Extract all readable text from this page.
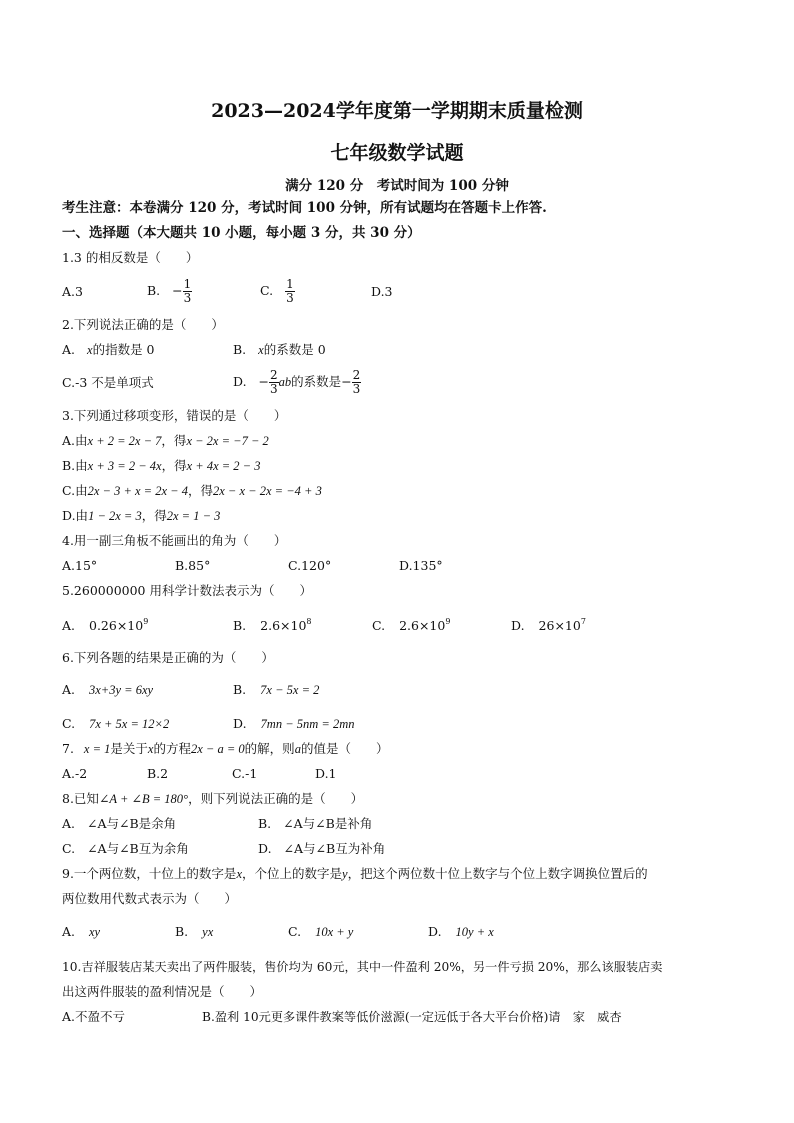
2023—2024学年度第一学期期末质量检测
七年级数学试题
满分 120 分　考试时间为 100 分钟
考生注意：本卷满分 120 分，考试时间 100 分钟，所有试题均在答题卡上作答.
一、选择题（本大题共 10 小题，每小题 3 分，共 30 分）
1.3 的相反数是（　　）
A.3	B. − $\frac{1}{3}$	C. $\frac{1}{3}$	D.3
2.下列说法正确的是（　　）
A. x的指数是 0	B. x的系数是 0
C.-3 不是单项式	D. − $\frac{2}{3}$ ab的系数是− $\frac{2}{3}$
3.下列通过移项变形，错误的是（　　）
A.由x + 2 = 2x − 7，得x − 2x = −7 − 2
B.由x + 3 = 2 − 4x，得x + 4x = 2 − 3
C.由2x − 3 + x = 2x − 4，得2x − x − 2x = −4 + 3
D.由1 − 2x = 3，得2x = 1 − 3
4.用一副三角板不能画出的角为（　　）
A.15°	B.85°	C.120°	D.135°
5.260000000 用科学计数法表示为（　　）
A. $0.26\times 10^9$	B. $2.6\times 10^8$	C. $2.6\times 10^9$	D. $26\times 10^7$
6.下列各题的结果是正确的为（　　）
A. 3x+3y = 6xy	B. 7x − 5x = 2
C. 7x + 5x = 12×2	D. 7mn − 5nm = 2mn
7. x = 1是关于x的方程2x − a = 0的解，则a的值是（　　）
A.-2	B.2	C.-1	D.1
8.已知∠A + ∠B = 180°，则下列说法正确的是（　　）
A. ∠A与∠B是余角	B. ∠A与∠B是补角
C. ∠A与∠B互为余角	D. ∠A与∠B互为补角
9.一个两位数，十位上的数字是x，个位上的数字是y，把这个两位数十位上数字与个位上数字调换位置后的
两位数用代数式表示为（　　）
A. xy	B. yx	C. 10x + y	D. 10y + x
10.吉祥服装店某天卖出了两件服装，售价均为 60元，其中一件盈利 20%，另一件亏损 20%，那么该服装店卖
出这两件服装的盈利情况是（　　）
A.不盈不亏	B.盈利 10元更多课件教案等低价滋源(一定远低于各大平台价格)请　家　威杏
